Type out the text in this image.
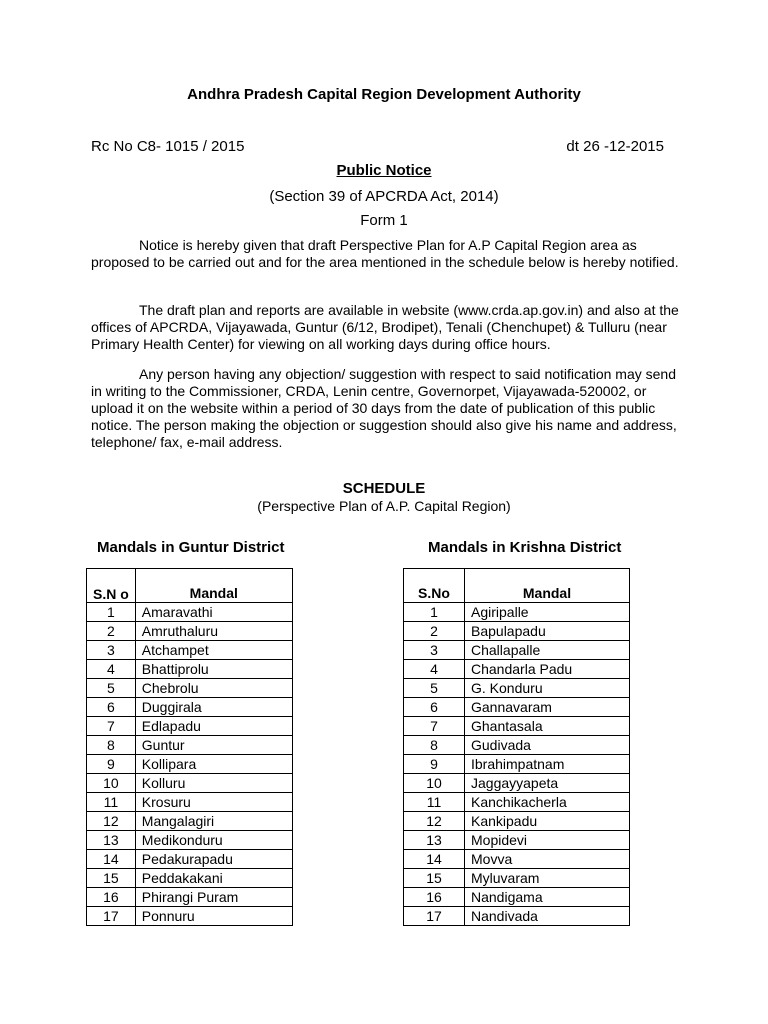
Andhra Pradesh Capital Region Development Authority
Rc No C8- 1015 / 2015	dt 26 -12-2015
Public Notice
(Section 39 of APCRDA Act, 2014)
Form 1

Notice is hereby given that draft Perspective Plan for A.P Capital Region area as proposed to be carried out and for the area mentioned in the schedule below is hereby notified.

The draft plan and reports are available in website (www.crda.ap.gov.in) and also at the offices of APCRDA, Vijayawada, Guntur (6/12, Brodipet), Tenali (Chenchupet) & Tulluru (near Primary Health Center) for viewing on all working days during office hours.

Any person having any objection/ suggestion with respect to said notification may send in writing to the Commissioner, CRDA, Lenin centre, Governorpet, Vijayawada-520002, or upload it on the website within a period of 30 days from the date of publication of this public notice. The person making the objection or suggestion should also give his name and address, telephone/ fax, e-mail address.

SCHEDULE
(Perspective Plan of A.P. Capital Region)
Mandals in Guntur District	Mandals in Krishna District
S.N o	Mandal
1	Amaravathi
2	Amruthaluru
3	Atchampet
4	Bhattiprolu
5	Chebrolu
6	Duggirala
7	Edlapadu
8	Guntur
9	Kollipara
10	Kolluru
11	Krosuru
12	Mangalagiri
13	Medikonduru
14	Pedakurapadu
15	Peddakakani
16	Phirangi Puram
17	Ponnuru
S.No	Mandal
1	Agiripalle
2	Bapulapadu
3	Challapalle
4	Chandarla Padu
5	G. Konduru
6	Gannavaram
7	Ghantasala
8	Gudivada
9	Ibrahimpatnam
10	Jaggayyapeta
11	Kanchikacherla
12	Kankipadu
13	Mopidevi
14	Movva
15	Myluvaram
16	Nandigama
17	Nandivada
